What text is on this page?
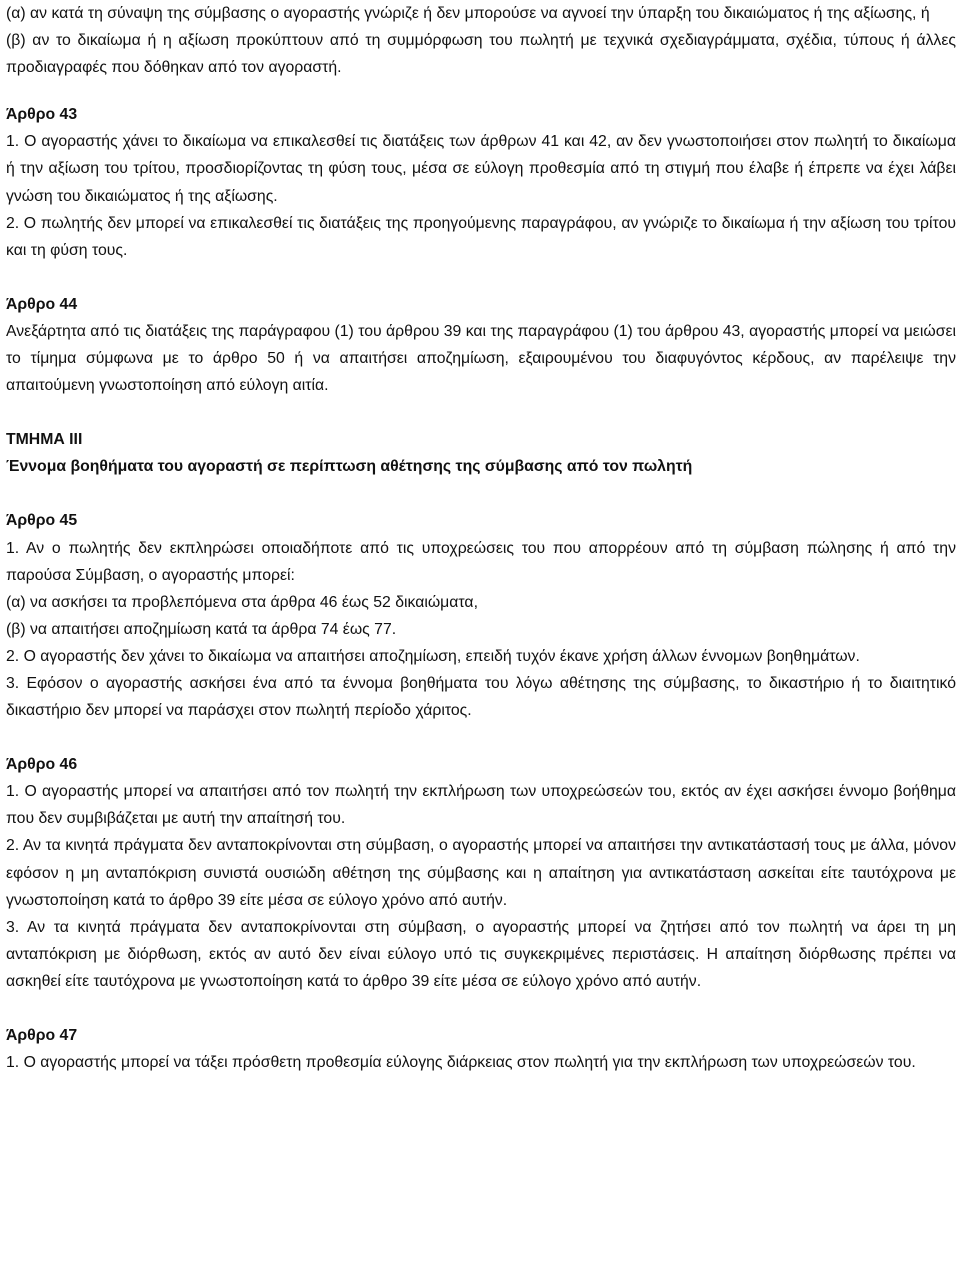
(α) αν κατά τη σύναψη της σύμβασης ο αγοραστής γνώριζε ή δεν μπορούσε να αγνοεί την ύπαρξη του δικαιώματος ή της αξίωσης, ή

(β) αν το δικαίωμα ή η αξίωση προκύπτουν από τη συμμόρφωση του πωλητή με τεχνικά σχεδιαγράμματα, σχέδια, τύπους ή άλλες προδιαγραφές που δόθηκαν από τον αγοραστή.

Άρθρο 43

1. Ο αγοραστής χάνει το δικαίωμα να επικαλεσθεί τις διατάξεις των άρθρων 41 και 42, αν δεν γνωστοποιήσει στον πωλητή το δικαίωμα ή την αξίωση του τρίτου, προσδιορίζοντας τη φύση τους, μέσα σε εύλογη προθεσμία από τη στιγμή που έλαβε ή έπρεπε να έχει λάβει γνώση του δικαιώματος ή της αξίωσης.

2. Ο πωλητής δεν μπορεί να επικαλεσθεί τις διατάξεις της προηγούμενης παραγράφου, αν γνώριζε το δικαίωμα ή την αξίωση του τρίτου και τη φύση τους.

Άρθρο 44

Ανεξάρτητα από τις διατάξεις της παράγραφου (1) του άρθρου 39 και της παραγράφου (1) του άρθρου 43, αγοραστής μπορεί να μειώσει το τίμημα σύμφωνα με το άρθρο 50 ή να απαιτήσει αποζημίωση, εξαιρουμένου του διαφυγόντος κέρδους, αν παρέλειψε την απαιτούμενη γνωστοποίηση από εύλογη αιτία.

ΤΜΗΜΑ III

Έννομα βοηθήματα του αγοραστή σε περίπτωση αθέτησης της σύμβασης από τον πωλητή

Άρθρο 45

1. Αν ο πωλητής δεν εκπληρώσει οποιαδήποτε από τις υποχρεώσεις του που απορρέουν από τη σύμβαση πώλησης ή από την παρούσα Σύμβαση, ο αγοραστής μπορεί:

(α) να ασκήσει τα προβλεπόμενα στα άρθρα 46 έως 52 δικαιώματα,

(β) να απαιτήσει αποζημίωση κατά τα άρθρα 74 έως 77.

2. Ο αγοραστής δεν χάνει το δικαίωμα να απαιτήσει αποζημίωση, επειδή τυχόν έκανε χρήση άλλων έννομων βοηθημάτων.

3. Εφόσον ο αγοραστής ασκήσει ένα από τα έννομα βοηθήματα του λόγω αθέτησης της σύμβασης, το δικαστήριο ή το διαιτητικό δικαστήριο δεν μπορεί να παράσχει στον πωλητή περίοδο χάριτος.

Άρθρο 46

1. Ο αγοραστής μπορεί να απαιτήσει από τον πωλητή την εκπλήρωση των υποχρεώσεών του, εκτός αν έχει ασκήσει έννομο βοήθημα που δεν συμβιβάζεται με αυτή την απαίτησή του.

2. Αν τα κινητά πράγματα δεν ανταποκρίνονται στη σύμβαση, ο αγοραστής μπορεί να απαιτήσει την αντικατάστασή τους με άλλα, μόνον εφόσον η μη ανταπόκριση συνιστά ουσιώδη αθέτηση της σύμβασης και η απαίτηση για αντικατάσταση ασκείται είτε ταυτόχρονα με γνωστοποίηση κατά το άρθρο 39 είτε μέσα σε εύλογο χρόνο από αυτήν.

3. Αν τα κινητά πράγματα δεν ανταποκρίνονται στη σύμβαση, ο αγοραστής μπορεί να ζητήσει από τον πωλητή να άρει τη μη ανταπόκριση με διόρθωση, εκτός αν αυτό δεν είναι εύλογο υπό τις συγκεκριμένες περιστάσεις. Η απαίτηση διόρθωσης πρέπει να ασκηθεί είτε ταυτόχρονα με γνωστοποίηση κατά το άρθρο 39 είτε μέσα σε εύλογο χρόνο από αυτήν.

Άρθρο 47

1. Ο αγοραστής μπορεί να τάξει πρόσθετη προθεσμία εύλογης διάρκειας στον πωλητή για την εκπλήρωση των υποχρεώσεών του.
